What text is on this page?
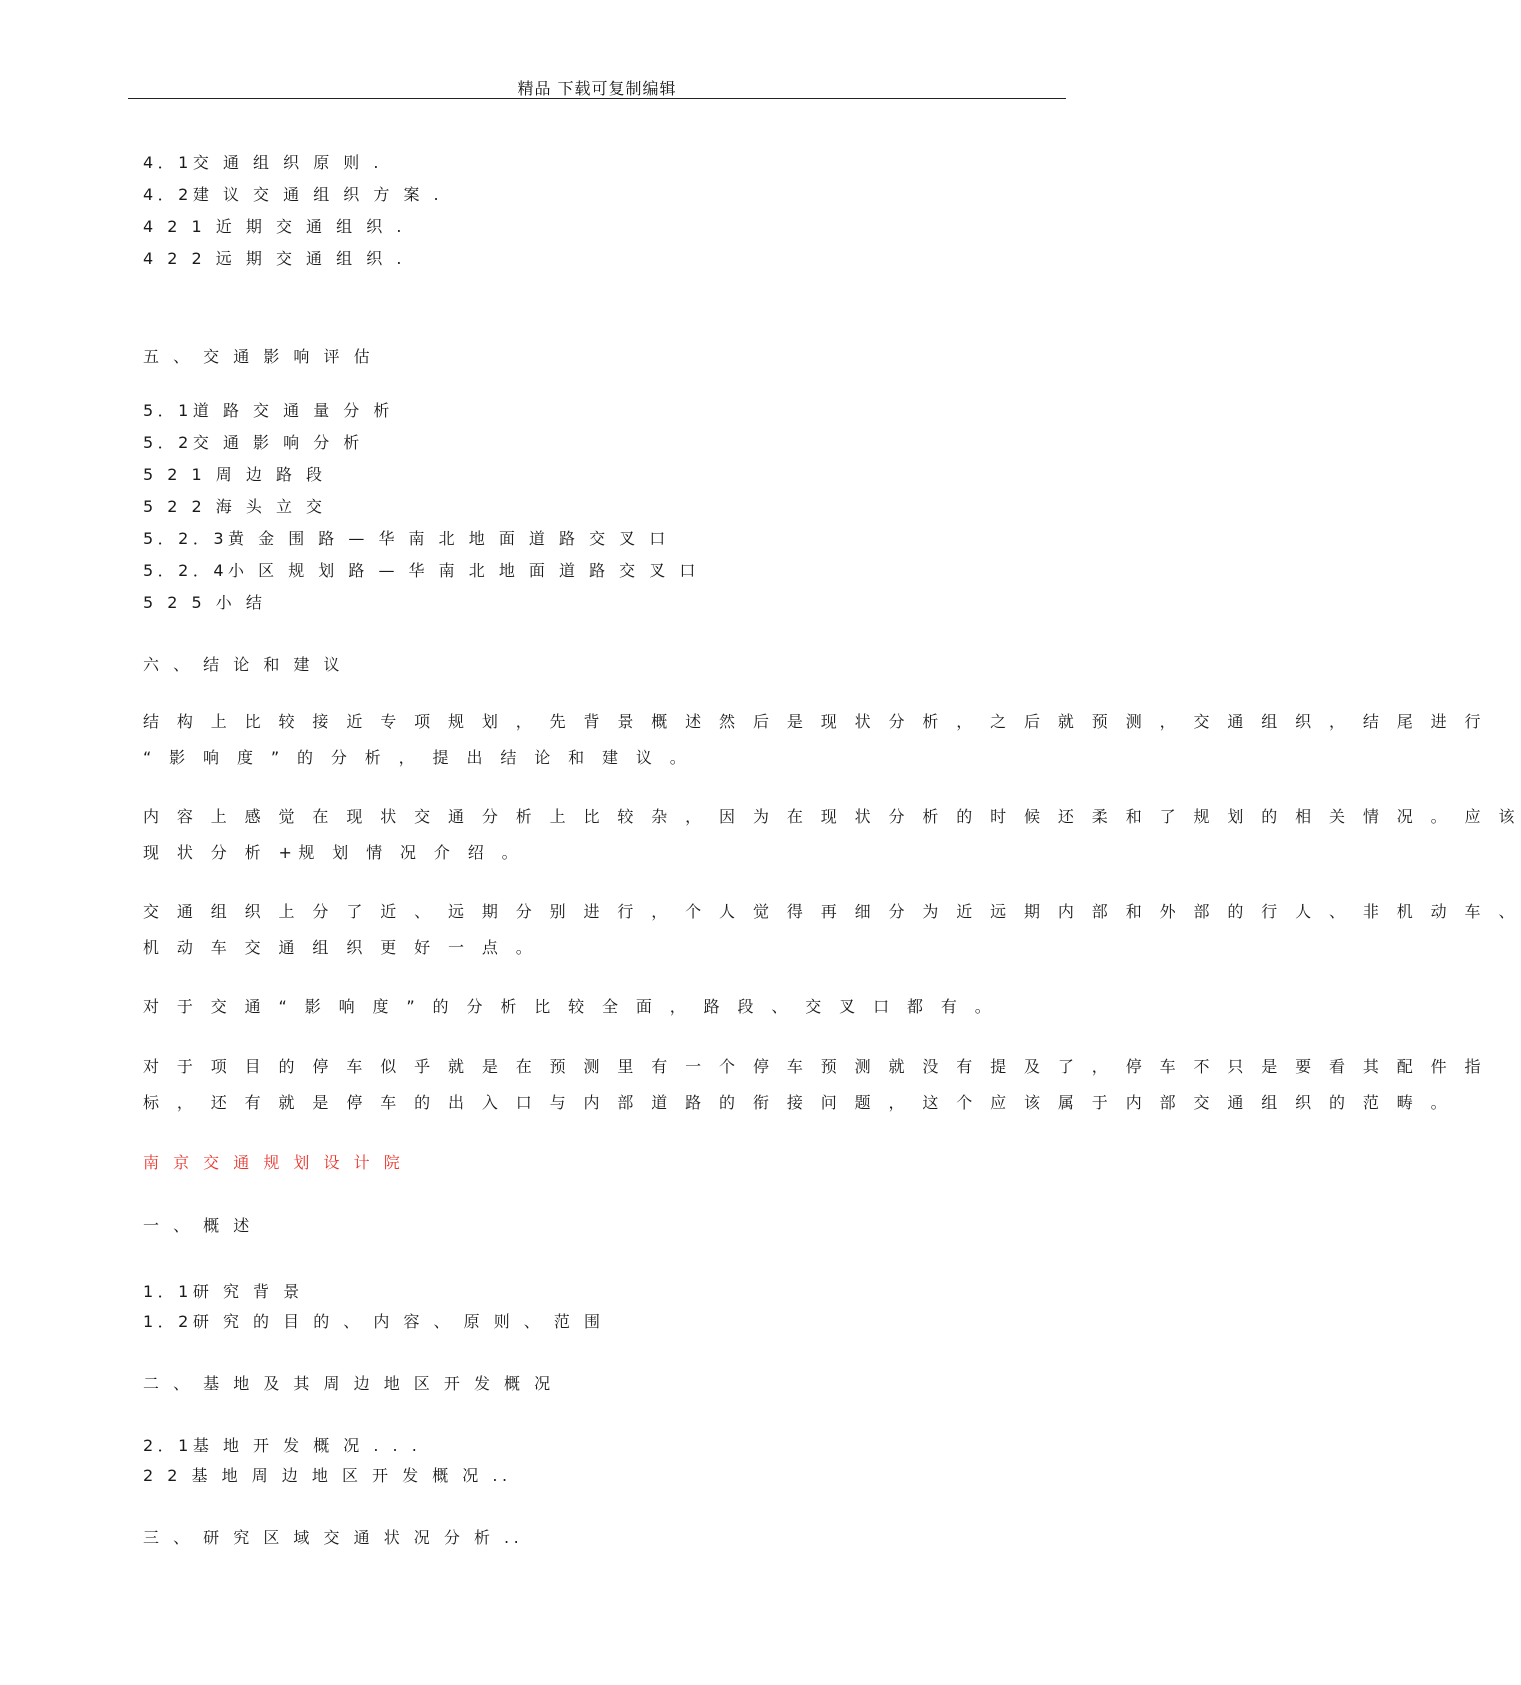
精品 下载可复制编辑
4．1交 通 组 织 原 则 .
4．2建 议 交 通 组 织 方 案 .
4 2 1 近 期 交 通 组 织 .
4 2 2 远 期 交 通 组 织 .
五 、 交 通 影 响 评 估
5．1道 路 交 通 量 分 析
5．2交 通 影 响 分 析
5 2 1 周 边 路 段
5 2 2 海 头 立 交
5．2．3黄 金 围 路 — 华 南 北 地 面 道 路 交 叉 口
5．2．4小 区 规 划 路 — 华 南 北 地 面 道 路 交 叉 口
5 2 5 小 结
六 、 结 论 和 建 议
结 构 上 比 较 接 近 专 项 规 划 ， 先 背 景 概 述 然 后 是 现 状 分 析 ， 之 后 就 预 测 ， 交 通 组 织 ， 结 尾 进 行
“ 影 响 度 ” 的 分 析 ， 提 出 结 论 和 建 议 。
内 容 上 感 觉 在 现 状 交 通 分 析 上 比 较 杂 ， 因 为 在 现 状 分 析 的 时 候 还 柔 和 了 规 划 的 相 关 情 况 。 应 该
现 状 分 析 +规 划 情 况 介 绍 。
交 通 组 织 上 分 了 近 、 远 期 分 别 进 行 ， 个 人 觉 得 再 细 分 为 近 远 期 内 部 和 外 部 的 行 人 、 非 机 动 车 、
机 动 车 交 通 组 织 更 好 一 点 。
对 于 交 通 “ 影 响 度 ” 的 分 析 比 较 全 面 ， 路 段 、 交 叉 口 都 有 。
对 于 项 目 的 停 车 似 乎 就 是 在 预 测 里 有 一 个 停 车 预 测 就 没 有 提 及 了 ， 停 车 不 只 是 要 看 其 配 件 指
标 ， 还 有 就 是 停 车 的 出 入 口 与 内 部 道 路 的 衔 接 问 题 ， 这 个 应 该 属 于 内 部 交 通 组 织 的 范 畴 。
南 京 交 通 规 划 设 计 院
一 、 概 述
1．1研 究 背 景
1．2研 究 的 目 的 、 内 容 、 原 则 、 范 围
二 、 基 地 及 其 周 边 地 区 开 发 概 况
2．1基 地 开 发 概 况 . . .
2 2 基 地 周 边 地 区 开 发 概 况 ..
三 、 研 究 区 域 交 通 状 况 分 析 ..
